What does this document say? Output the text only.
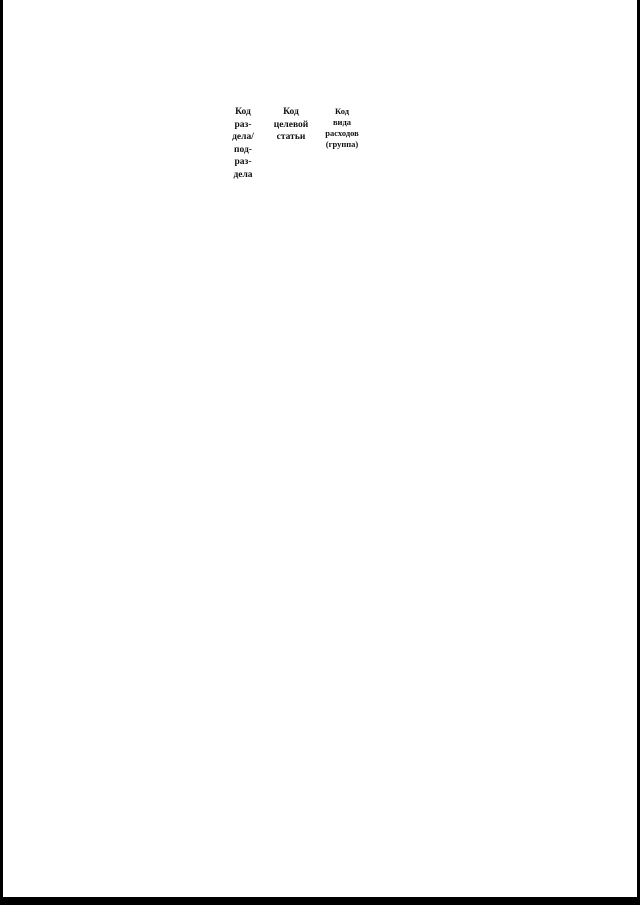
Код
раз-
дела/
под-
раз-
дела
Код
целевой
статьи
Код
вида
расходов
(группа)
